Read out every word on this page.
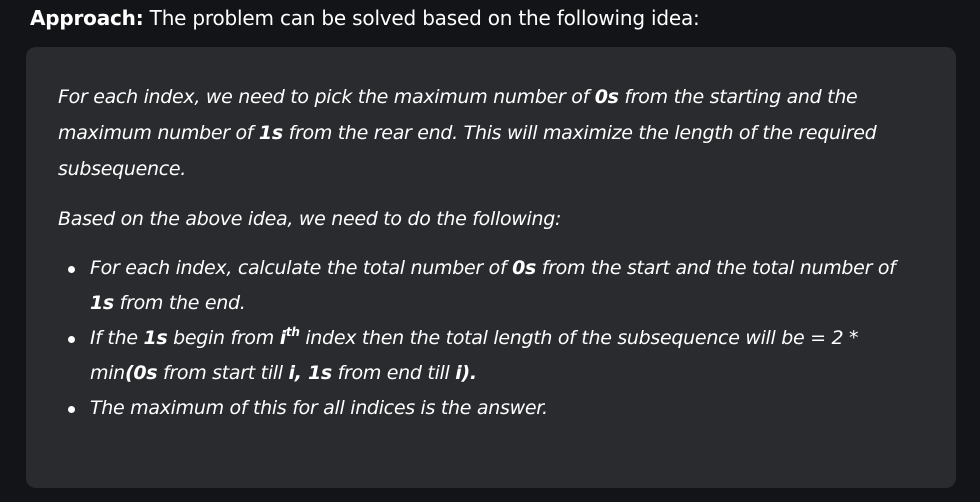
Approach: The problem can be solved based on the following idea:

For each index, we need to pick the maximum number of 0s from the starting and the maximum number of 1s from the rear end. This will maximize the length of the required subsequence.

Based on the above idea, we need to do the following:

For each index, calculate the total number of 0s from the start and the total number of 1s from the end.
If the 1s begin from $i^{th}$ index then the total length of the subsequence will be = 2 * min(0s from start till i, 1s from end till i).
The maximum of this for all indices is the answer.
